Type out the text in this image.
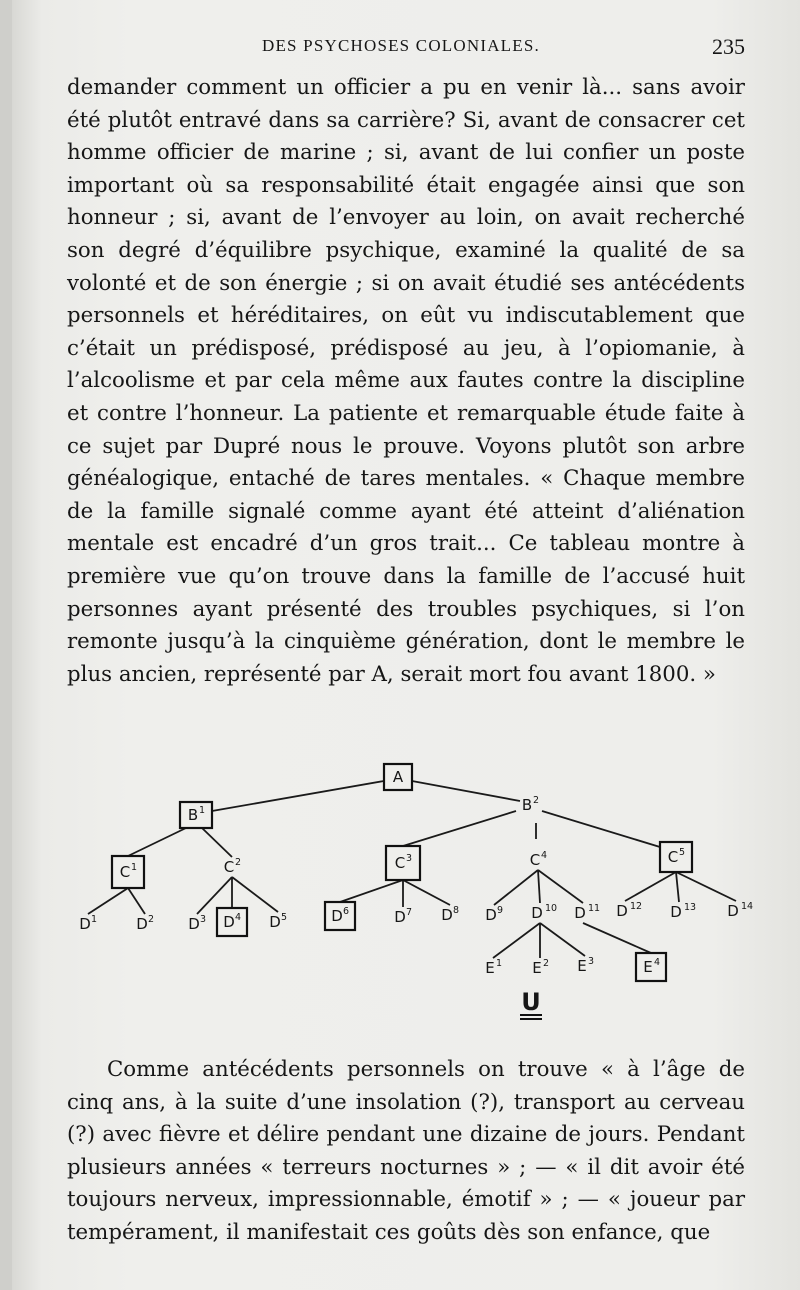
DES PSYCHOSES COLONIALES.	235

demander comment un officier a pu en venir là... sans avoir été plutôt entravé dans sa carrière? Si, avant de consacrer cet homme officier de marine ; si, avant de lui confier un poste important où sa responsabilité était engagée ainsi que son honneur ; si, avant de l’envoyer au loin, on avait recherché son degré d’équilibre psychique, examiné la qualité de sa volonté et de son énergie ; si on avait étudié ses antécédents personnels et héréditaires, on eût vu indiscutablement que c’était un prédisposé, prédisposé au jeu, à l’opiomanie, à l’alcoolisme et par cela même aux fautes contre la discipline et contre l’honneur. La patiente et remarquable étude faite à ce sujet par Dupré nous le prouve. Voyons plutôt son arbre généalogique, entaché de tares mentales. « Chaque membre de la famille signalé comme ayant été atteint d’aliénation mentale est encadré d’un gros trait... Ce tableau montre à première vue qu’on trouve dans la famille de l’accusé huit personnes ayant présenté des troubles psychiques, si l’on remonte jusqu’à la cinquième génération, dont le membre le plus ancien, représenté par A, serait mort fou avant 1800. »

A
B 1	B 2
C 1	C 2	C 3	C 4	C 5
D 1	D 2 D 3 D 4 D 5	D 6	D 7 D 8 D 9 D 10 D 11 D 12 D 13 D 14
E 1 E 2 E 3	E 4
U

Comme antécédents personnels on trouve « à l’âge de cinq ans, à la suite d’une insolation (?), transport au cerveau (?) avec fièvre et délire pendant une dizaine de jours. Pendant plusieurs années « terreurs nocturnes » ; — « il dit avoir été toujours nerveux, impressionnable, émotif » ; — « joueur par tempérament, il manifestait ces goûts dès son enfance, que
